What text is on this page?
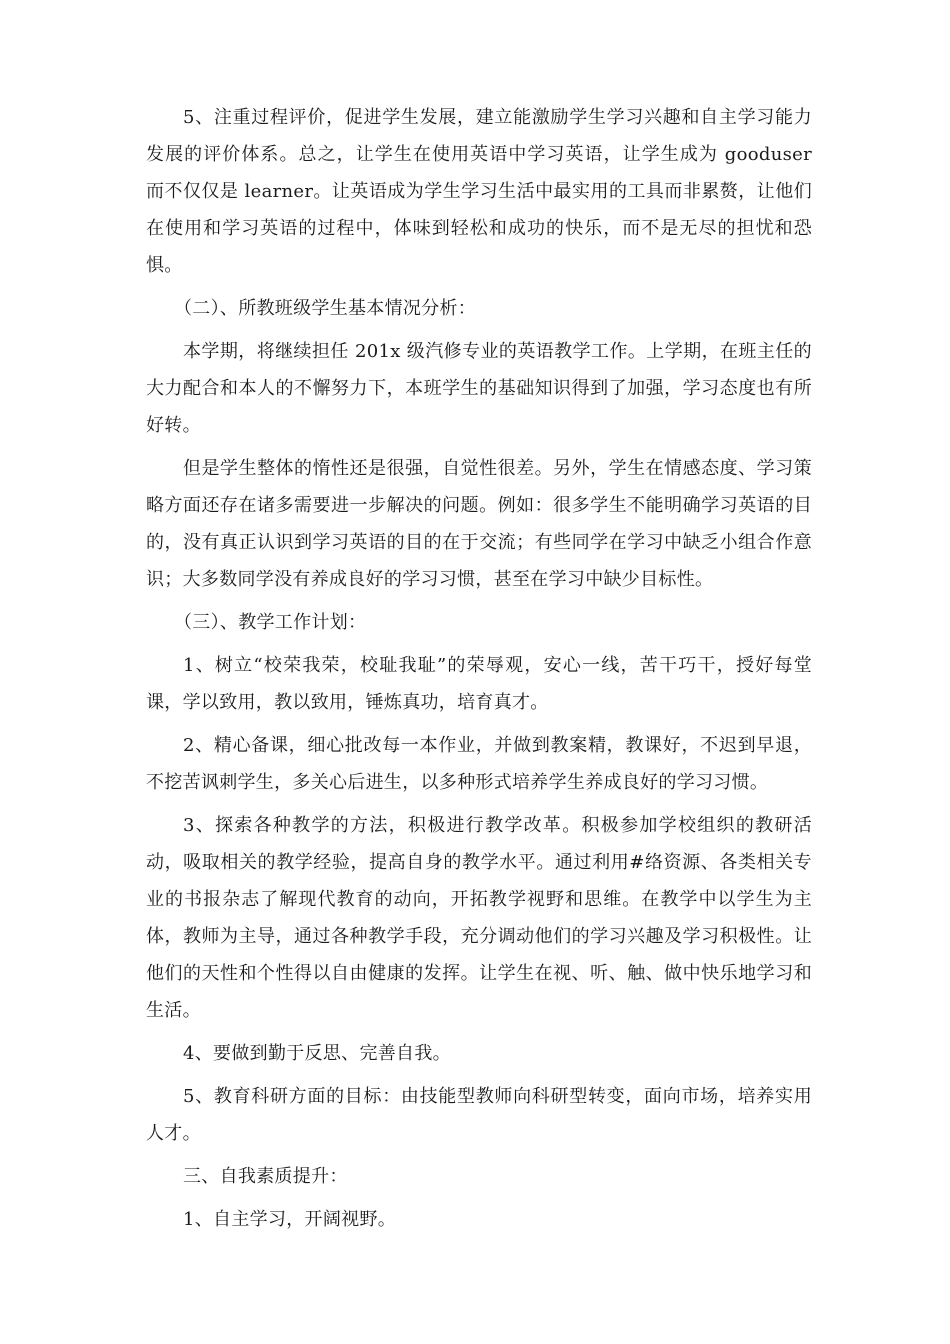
5、注重过程评价，促进学生发展，建立能激励学生学习兴趣和自主学习能力发展的评价体系。总之，让学生在使用英语中学习英语，让学生成为 gooduser 而不仅仅是 learner。让英语成为学生学习生活中最实用的工具而非累赘，让他们在使用和学习英语的过程中，体味到轻松和成功的快乐，而不是无尽的担忧和恐惧。

（二）、所教班级学生基本情况分析：

本学期，将继续担任 201x 级汽修专业的英语教学工作。上学期，在班主任的大力配合和本人的不懈努力下，本班学生的基础知识得到了加强，学习态度也有所好转。

但是学生整体的惰性还是很强，自觉性很差。另外，学生在情感态度、学习策略方面还存在诸多需要进一步解决的问题。例如：很多学生不能明确学习英语的目的，没有真正认识到学习英语的目的在于交流；有些同学在学习中缺乏小组合作意识；大多数同学没有养成良好的学习习惯，甚至在学习中缺少目标性。

（三）、教学工作计划：

1、树立“校荣我荣，校耻我耻”的荣辱观，安心一线，苦干巧干，授好每堂课，学以致用，教以致用，锤炼真功，培育真才。

2、精心备课，细心批改每一本作业，并做到教案精，教课好，不迟到早退，不挖苦讽刺学生，多关心后进生，以多种形式培养学生养成良好的学习习惯。

3、探索各种教学的方法，积极进行教学改革。积极参加学校组织的教研活动，吸取相关的教学经验，提高自身的教学水平。通过利用#络资源、各类相关专业的书报杂志了解现代教育的动向，开拓教学视野和思维。在教学中以学生为主体，教师为主导，通过各种教学手段，充分调动他们的学习兴趣及学习积极性。让他们的天性和个性得以自由健康的发挥。让学生在视、听、触、做中快乐地学习和生活。

4、要做到勤于反思、完善自我。

5、教育科研方面的目标：由技能型教师向科研型转变，面向市场，培养实用人才。

三、自我素质提升：

1、自主学习，开阔视野。
